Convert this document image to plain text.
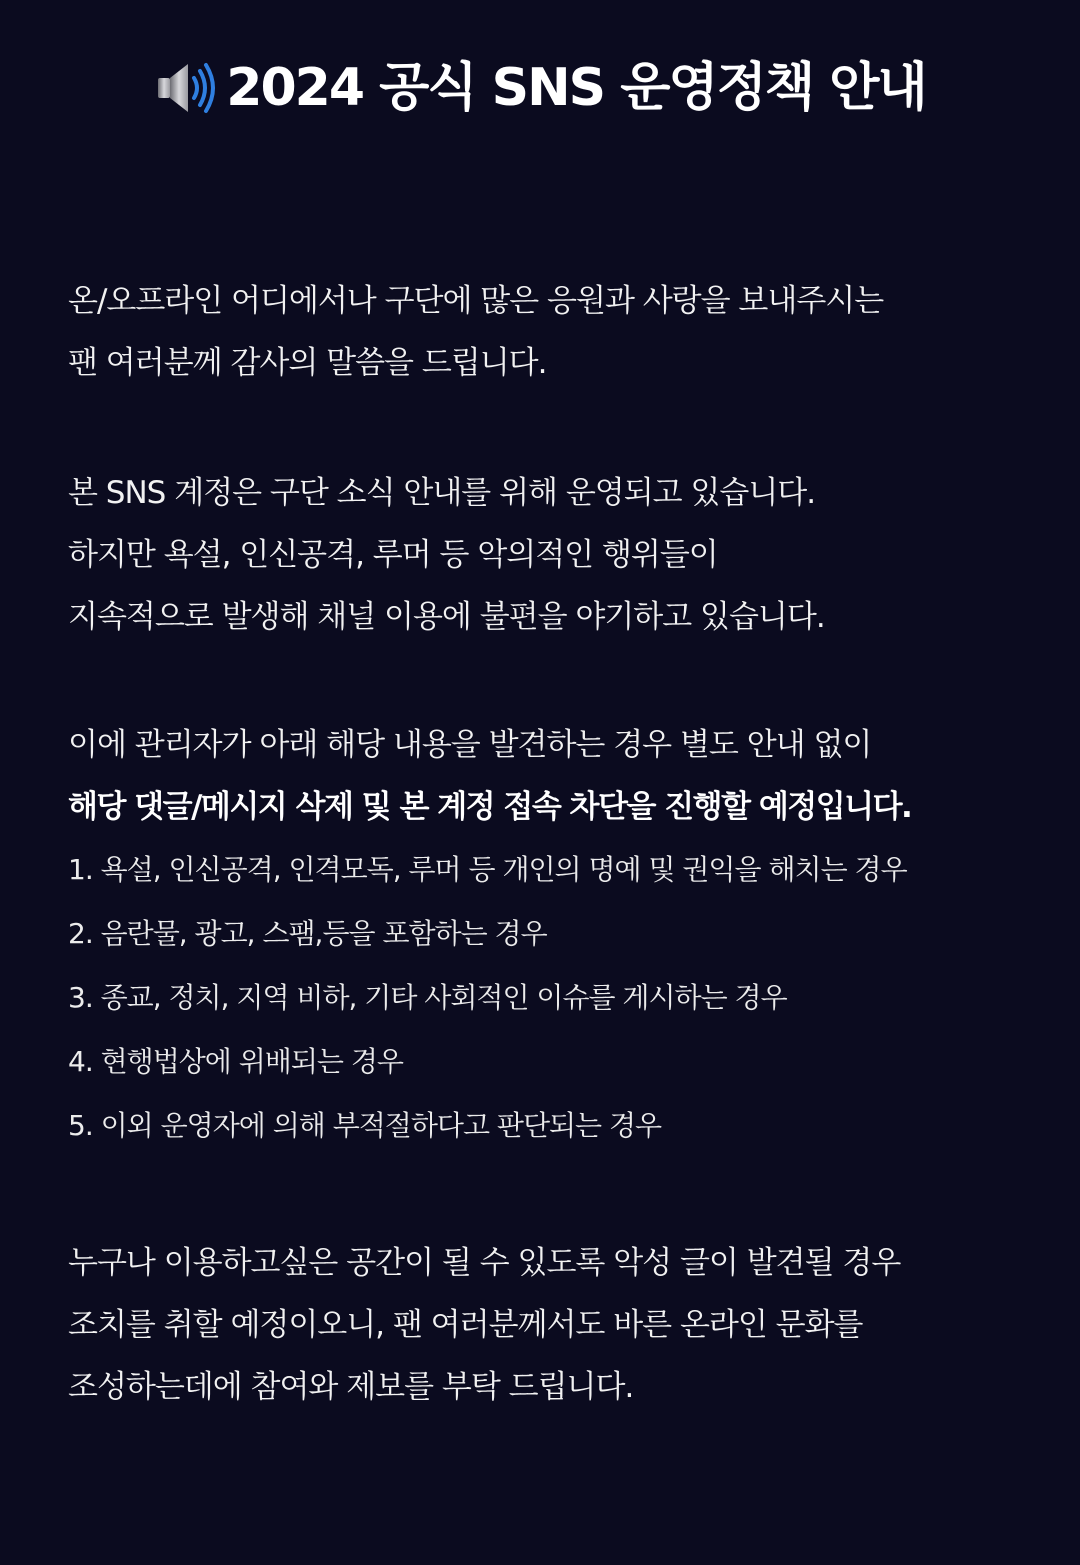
2024 공식 SNS 운영정책 안내
온/오프라인 어디에서나 구단에 많은 응원과 사랑을 보내주시는
팬 여러분께 감사의 말씀을 드립니다.
본 SNS 계정은 구단 소식 안내를 위해 운영되고 있습니다.
하지만 욕설, 인신공격, 루머 등 악의적인 행위들이
지속적으로 발생해 채널 이용에 불편을 야기하고 있습니다.
이에 관리자가 아래 해당 내용을 발견하는 경우 별도 안내 없이
해당 댓글/메시지 삭제 및 본 계정 접속 차단을 진행할 예정입니다.
1. 욕설, 인신공격, 인격모독, 루머 등 개인의 명예 및 권익을 해치는 경우
2. 음란물, 광고, 스팸,등을 포함하는 경우
3. 종교, 정치, 지역 비하, 기타 사회적인 이슈를 게시하는 경우
4. 현행법상에 위배되는 경우
5. 이외 운영자에 의해 부적절하다고 판단되는 경우
누구나 이용하고싶은 공간이 될 수 있도록 악성 글이 발견될 경우
조치를 취할 예정이오니, 팬 여러분께서도 바른 온라인 문화를
조성하는데에 참여와 제보를 부탁 드립니다.
